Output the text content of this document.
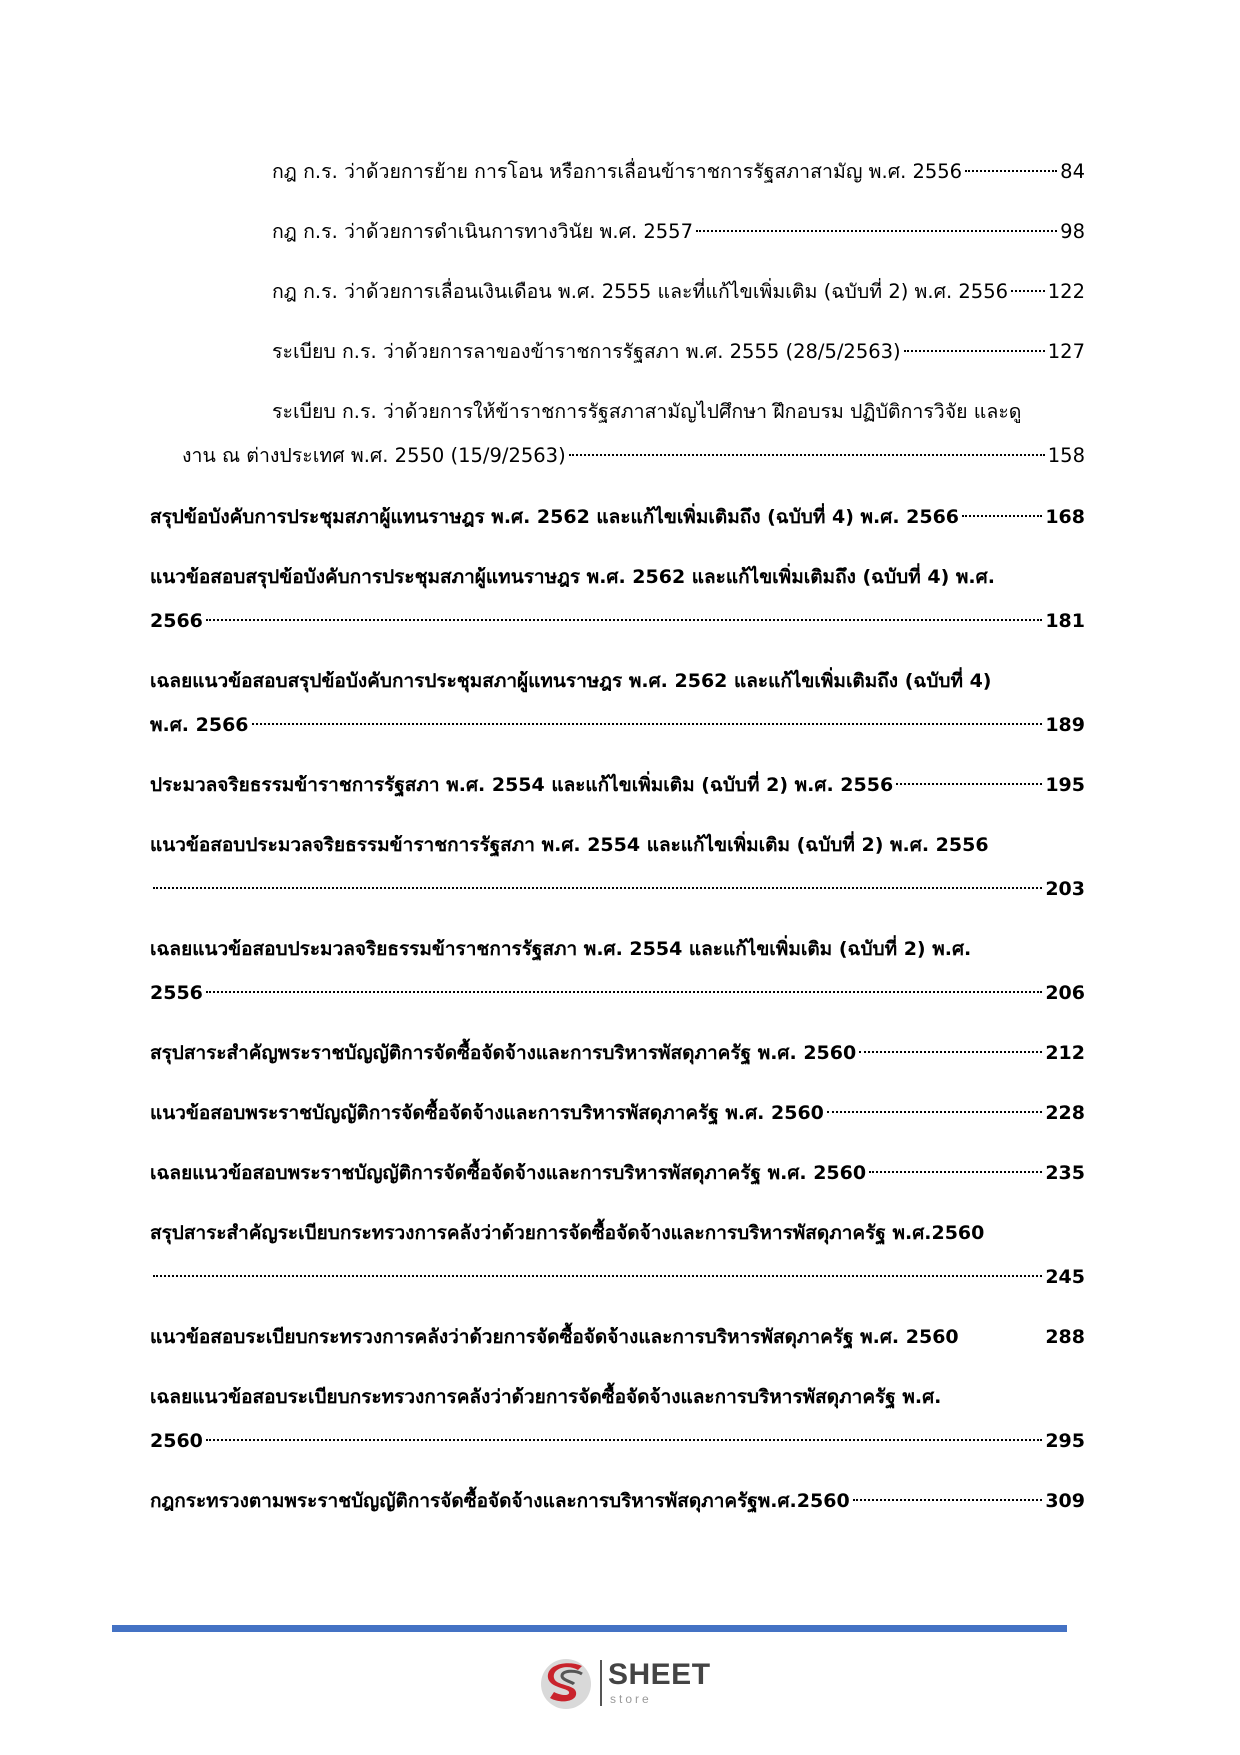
กฎ ก.ร. ว่าด้วยการย้าย การโอน หรือการเลื่อนข้าราชการรัฐสภาสามัญ พ.ศ. 2556	84
กฎ ก.ร. ว่าด้วยการดำเนินการทางวินัย พ.ศ. 2557	98
กฎ ก.ร. ว่าด้วยการเลื่อนเงินเดือน พ.ศ. 2555 และที่แก้ไขเพิ่มเติม (ฉบับที่ 2) พ.ศ. 2556 122
ระเบียบ ก.ร. ว่าด้วยการลาของข้าราชการรัฐสภา พ.ศ. 2555 (28/5/2563)	127
ระเบียบ ก.ร. ว่าด้วยการให้ข้าราชการรัฐสภาสามัญไปศึกษา ฝึกอบรม ปฏิบัติการวิจัย และดู
งาน ณ ต่างประเทศ พ.ศ. 2550 (15/9/2563)	158
สรุปข้อบังคับการประชุมสภาผู้แทนราษฎร พ.ศ. 2562 และแก้ไขเพิ่มเติมถึง (ฉบับที่ 4) พ.ศ. 2566	168
แนวข้อสอบสรุปข้อบังคับการประชุมสภาผู้แทนราษฎร พ.ศ. 2562 และแก้ไขเพิ่มเติมถึง (ฉบับที่ 4) พ.ศ.
2566	181
เฉลยแนวข้อสอบสรุปข้อบังคับการประชุมสภาผู้แทนราษฎร พ.ศ. 2562 และแก้ไขเพิ่มเติมถึง (ฉบับที่ 4)
พ.ศ. 2566	189
ประมวลจริยธรรมข้าราชการรัฐสภา พ.ศ. 2554 และแก้ไขเพิ่มเติม (ฉบับที่ 2) พ.ศ. 2556	195
แนวข้อสอบประมวลจริยธรรมข้าราชการรัฐสภา พ.ศ. 2554 และแก้ไขเพิ่มเติม (ฉบับที่ 2) พ.ศ. 2556
203
เฉลยแนวข้อสอบประมวลจริยธรรมข้าราชการรัฐสภา พ.ศ. 2554 และแก้ไขเพิ่มเติม (ฉบับที่ 2) พ.ศ.
2556	206
สรุปสาระสำคัญพระราชบัญญัติการจัดซื้อจัดจ้างและการบริหารพัสดุภาครัฐ พ.ศ. 2560	212
แนวข้อสอบพระราชบัญญัติการจัดซื้อจัดจ้างและการบริหารพัสดุภาครัฐ พ.ศ. 2560	228
เฉลยแนวข้อสอบพระราชบัญญัติการจัดซื้อจัดจ้างและการบริหารพัสดุภาครัฐ พ.ศ. 2560	235
สรุปสาระสำคัญระเบียบกระทรวงการคลังว่าด้วยการจัดซื้อจัดจ้างและการบริหารพัสดุภาครัฐ พ.ศ.2560
245
แนวข้อสอบระเบียบกระทรวงการคลังว่าด้วยการจัดซื้อจัดจ้างและการบริหารพัสดุภาครัฐ พ.ศ. 2560	288
เฉลยแนวข้อสอบระเบียบกระทรวงการคลังว่าด้วยการจัดซื้อจัดจ้างและการบริหารพัสดุภาครัฐ พ.ศ.
2560	295
กฎกระทรวงตามพระราชบัญญัติการจัดซื้อจัดจ้างและการบริหารพัสดุภาครัฐพ.ศ.2560	309
SHEET
store
